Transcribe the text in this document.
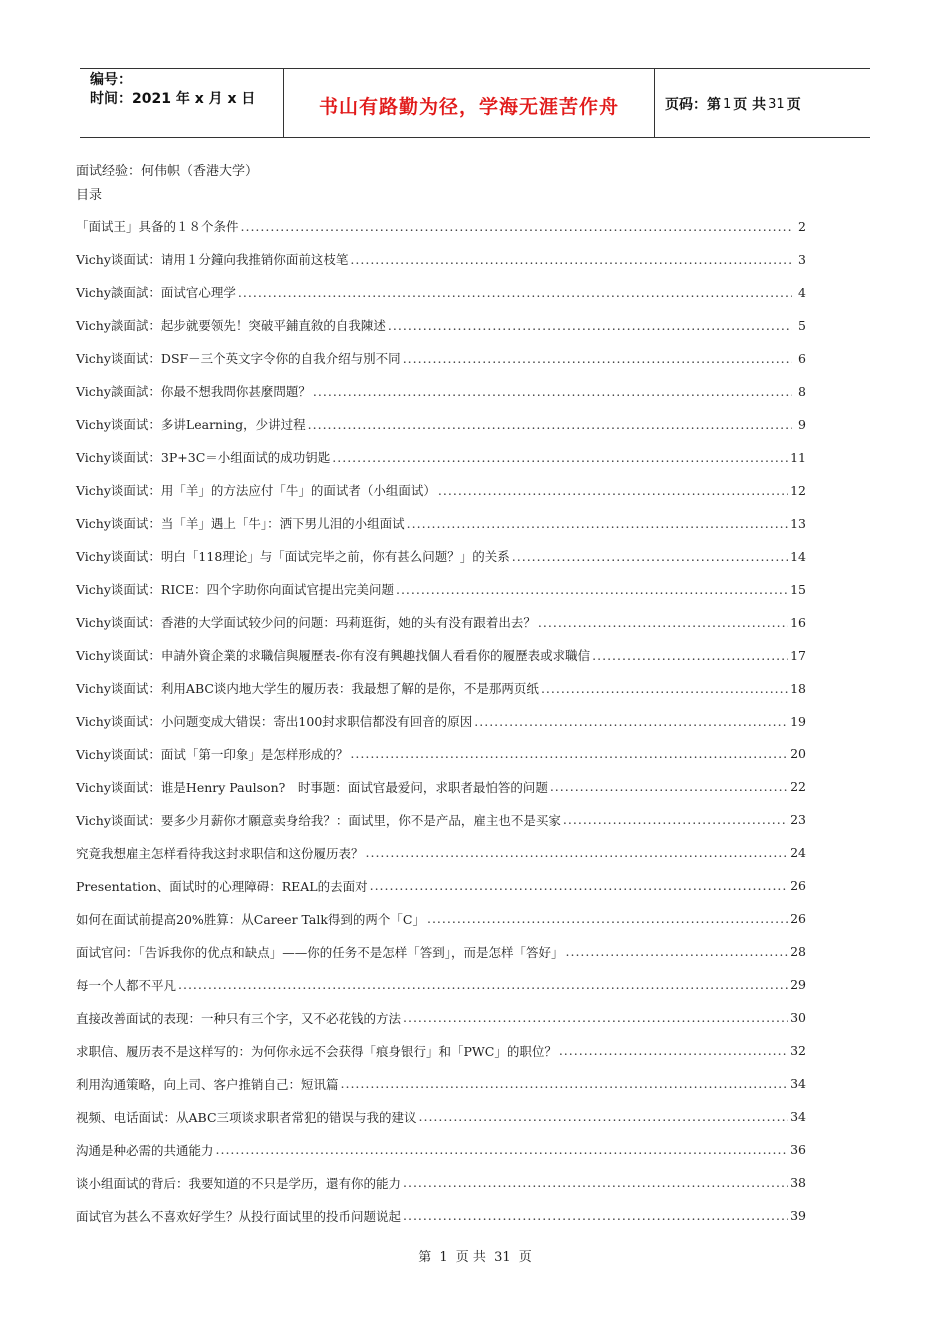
编号：
时间：2021 年 x 月 x 日	书山有路勤为径，学海无涯苦作舟	页码：第 1 页 共 31 页
面试经验：何伟帜（香港大学）
目录
「面试王」具备的１８个条件 .....	2
Vichy谈面试：请用１分鐘向我推销你面前这枝笔 .....	3
Vichy談面試：面试官心理学 .....	4
Vichy談面試：起步就要领先！突破平鋪直敘的自我陳述 .....	5
Vichy谈面试：DSF－三个英文字令你的自我介绍与別不同 .....	6
Vichy談面試：你最不想我問你甚麼問題？ .....	8
Vichy谈面试：多讲Learning，少讲过程 .....	9
Vichy谈面试：3P+3C＝小组面试的成功钥匙 .....	11
Vichy谈面试：用「羊」的方法应付「牛」的面试者（小组面试） .....	12
Vichy谈面试：当「羊」遇上「牛」：洒下男儿泪的小组面试 .....	13
Vichy谈面试：明白「118理论」与「面试完毕之前，你有甚么问题？」的关系 .....	14
Vichy谈面试：RICE：四个字助你向面试官提出完美问题 .....	15
Vichy谈面试：香港的大学面试较少问的问题：玛莉逛街，她的头有没有跟着出去？ .....	16
Vichy谈面试：申請外資企業的求職信與履歷表-你有沒有興趣找個人看看你的履歷表或求職信 .....	17
Vichy谈面试：利用ABC谈内地大学生的履历表：我最想了解的是你，不是那两页纸 .....	18
Vichy谈面试：小问题变成大错误：寄出100封求职信都没有回音的原因 .....	19
Vichy谈面试：面试「第一印象」是怎样形成的？ .....	20
Vichy谈面试：谁是Henry Paulson?　时事题：面试官最爱问，求职者最怕答的问题 .....	22
Vichy谈面试：要多少月薪你才願意卖身给我？：面试里，你不是产品，雇主也不是买家 .....	23
究竟我想雇主怎样看待我这封求职信和这份履历表？ .....	24
Presentation、面试时的心理障碍：REAL的去面对 .....	26
如何在面试前提高20%胜算：从Career Talk得到的两个「C」 .....	26
面试官问：「告诉我你的优点和缺点」——你的任务不是怎样「答到」，而是怎样「答好」 .....	28
每一个人都不平凡 .....	29
直接改善面试的表现：一种只有三个字，又不必花钱的方法 .....	30
求职信、履历表不是这样写的：为何你永远不会获得「痕身银行」和「PWC」的职位？ .....	32
利用沟通策略，向上司、客户推销自己：短讯篇 .....	34
视频、电话面试：从ABC三项谈求职者常犯的错误与我的建议 .....	34
沟通是种必需的共通能力 .....	36
谈小组面试的背后：我要知道的不只是学历，還有你的能力 .....	38
面试官为甚么不喜欢好学生？从投行面试里的投币问题说起 .....	39
第 1 页 共 31 页
